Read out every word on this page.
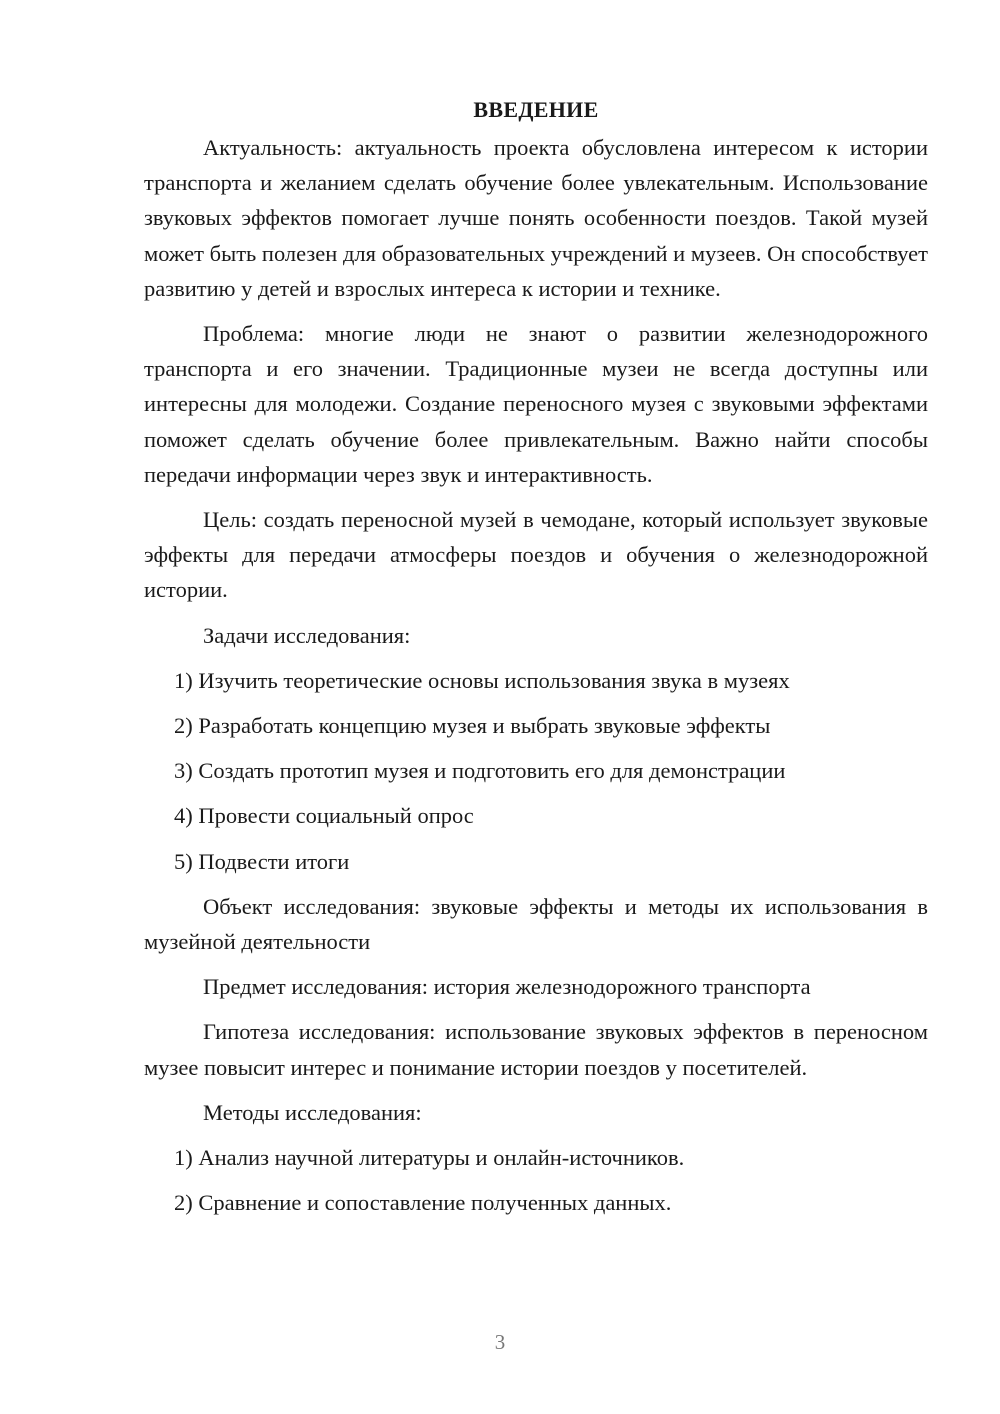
ВВЕДЕНИЕ

Актуальность: актуальность проекта обусловлена интересом к истории транспорта и желанием сделать обучение более увлекательным. Использование звуковых эффектов помогает лучше понять особенности поездов. Такой музей может быть полезен для образовательных учреждений и музеев. Он способствует развитию у детей и взрослых интереса к истории и технике.

Проблема: многие люди не знают о развитии железнодорожного транспорта и его значении. Традиционные музеи не всегда доступны или интересны для молодежи. Создание переносного музея с звуковыми эффектами поможет сделать обучение более привлекательным. Важно найти способы передачи информации через звук и интерактивность.

Цель: создать переносной музей в чемодане, который использует звуковые эффекты для передачи атмосферы поездов и обучения о железнодорожной истории.

Задачи исследования:

1) Изучить теоретические основы использования звука в музеях
2) Разработать концепцию музея и выбрать звуковые эффекты
3) Создать прототип музея и подготовить его для демонстрации
4) Провести социальный опрос
5) Подвести итоги

Объект исследования: звуковые эффекты и методы их использования в музейной деятельности

Предмет исследования: история железнодорожного транспорта

Гипотеза исследования: использование звуковых эффектов в переносном музее повысит интерес и понимание истории поездов у посетителей.

Методы исследования:

1) Анализ научной литературы и онлайн-источников.
2) Сравнение и сопоставление полученных данных.
3
